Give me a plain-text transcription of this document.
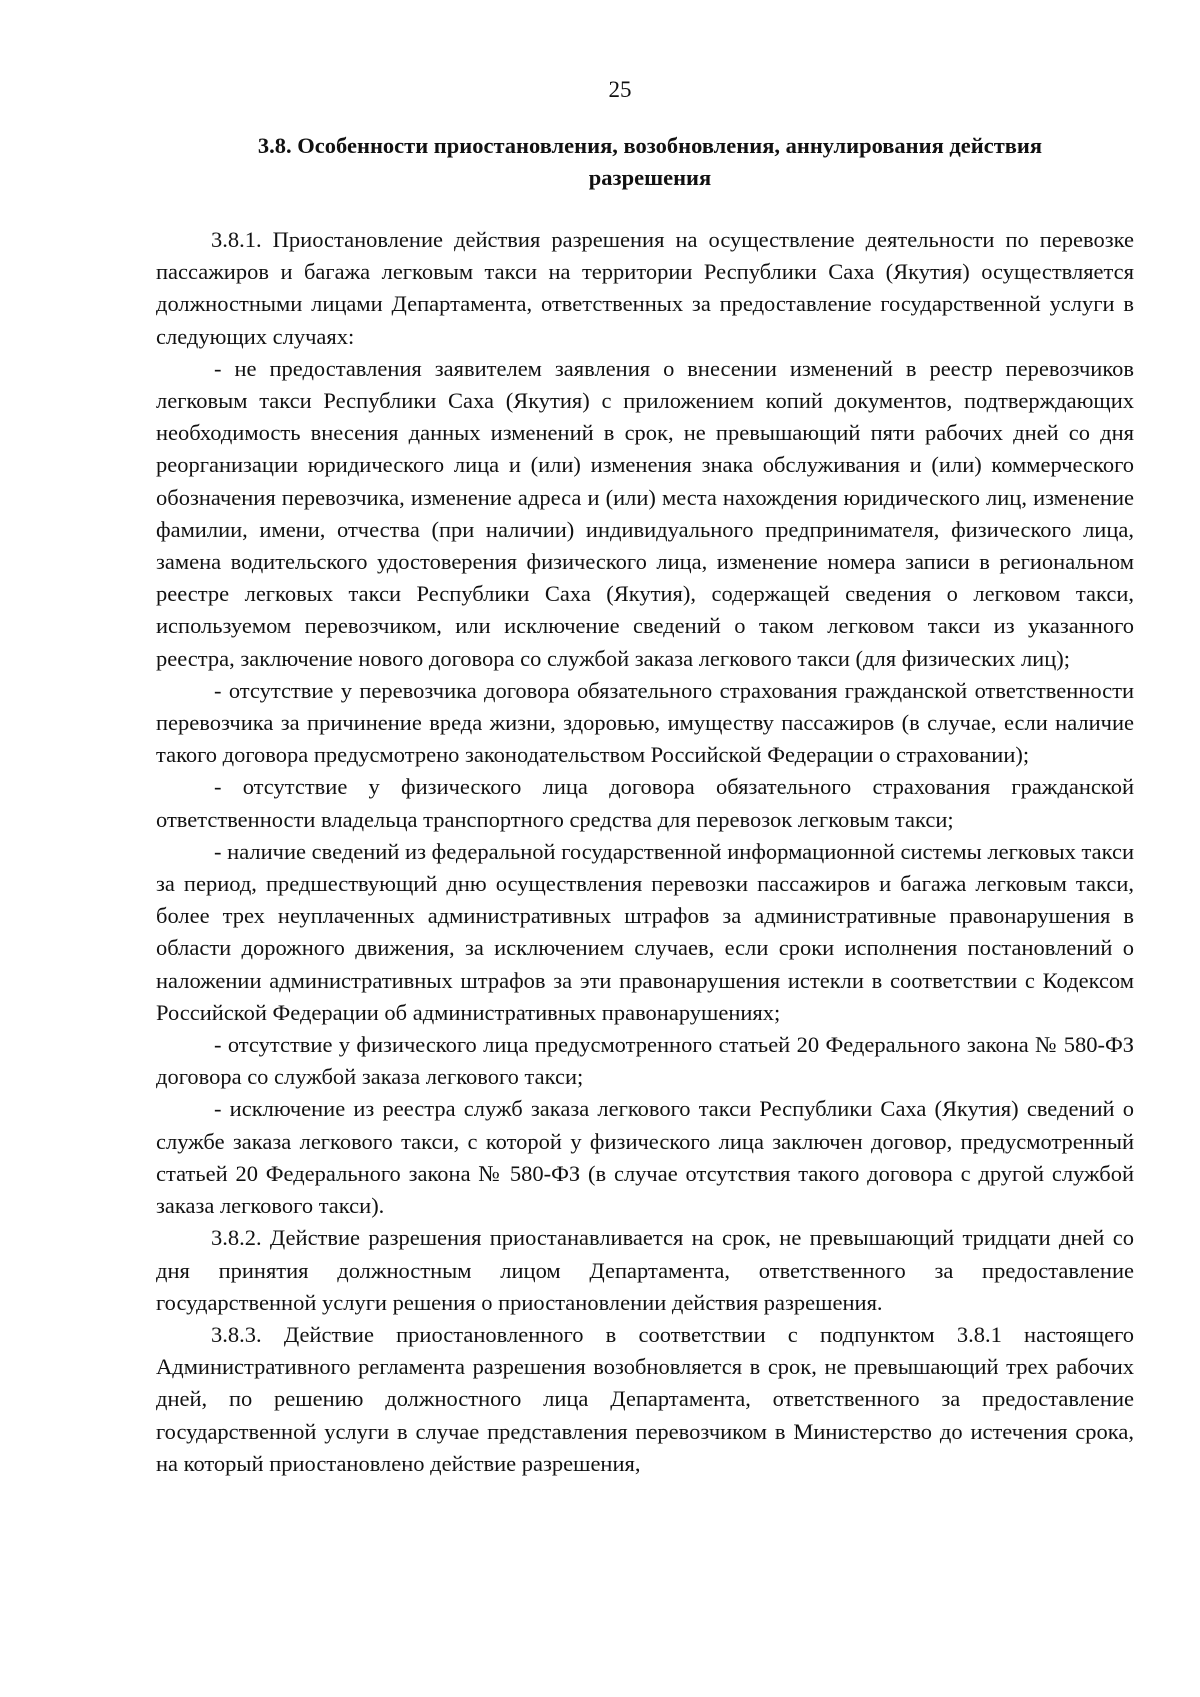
25
3.8. Особенности приостановления, возобновления, аннулирования действия разрешения

3.8.1. Приостановление действия разрешения на осуществление деятельности по перевозке пассажиров и багажа легковым такси на территории Республики Саха (Якутия) осуществляется должностными лицами Департамента, ответственных за предоставление государственной услуги в следующих случаях:

- не предоставления заявителем заявления о внесении изменений в реестр перевозчиков легковым такси Республики Саха (Якутия) с приложением копий документов, подтверждающих необходимость внесения данных изменений в срок, не превышающий пяти рабочих дней со дня реорганизации юридического лица и (или) изменения знака обслуживания и (или) коммерческого обозначения перевозчика, изменение адреса и (или) места нахождения юридического лиц, изменение фамилии, имени, отчества (при наличии) индивидуального предпринимателя, физического лица, замена водительского удостоверения физического лица, изменение номера записи в региональном реестре легковых такси Республики Саха (Якутия), содержащей сведения о легковом такси, используемом перевозчиком, или исключение сведений о таком легковом такси из указанного реестра, заключение нового договора со службой заказа легкового такси (для физических лиц);

- отсутствие у перевозчика договора обязательного страхования гражданской ответственности перевозчика за причинение вреда жизни, здоровью, имуществу пассажиров (в случае, если наличие такого договора предусмотрено законодательством Российской Федерации о страховании);

- отсутствие у физического лица договора обязательного страхования гражданской ответственности владельца транспортного средства для перевозок легковым такси;

- наличие сведений из федеральной государственной информационной системы легковых такси за период, предшествующий дню осуществления перевозки пассажиров и багажа легковым такси, более трех неуплаченных административных штрафов за административные правонарушения в области дорожного движения, за исключением случаев, если сроки исполнения постановлений о наложении административных штрафов за эти правонарушения истекли в соответствии с Кодексом Российской Федерации об административных правонарушениях;

- отсутствие у физического лица предусмотренного статьей 20 Федерального закона № 580-ФЗ договора со службой заказа легкового такси;

- исключение из реестра служб заказа легкового такси Республики Саха (Якутия) сведений о службе заказа легкового такси, с которой у физического лица заключен договор, предусмотренный статьей 20 Федерального закона № 580-ФЗ (в случае отсутствия такого договора с другой службой заказа легкового такси).

3.8.2. Действие разрешения приостанавливается на срок, не превышающий тридцати дней со дня принятия должностным лицом Департамента, ответственного за предоставление государственной услуги решения о приостановлении действия разрешения.

3.8.3. Действие приостановленного в соответствии с подпунктом 3.8.1 настоящего Административного регламента разрешения возобновляется в срок, не превышающий трех рабочих дней, по решению должностного лица Департамента, ответственного за предоставление государственной услуги в случае представления перевозчиком в Министерство до истечения срока, на который приостановлено действие разрешения,
